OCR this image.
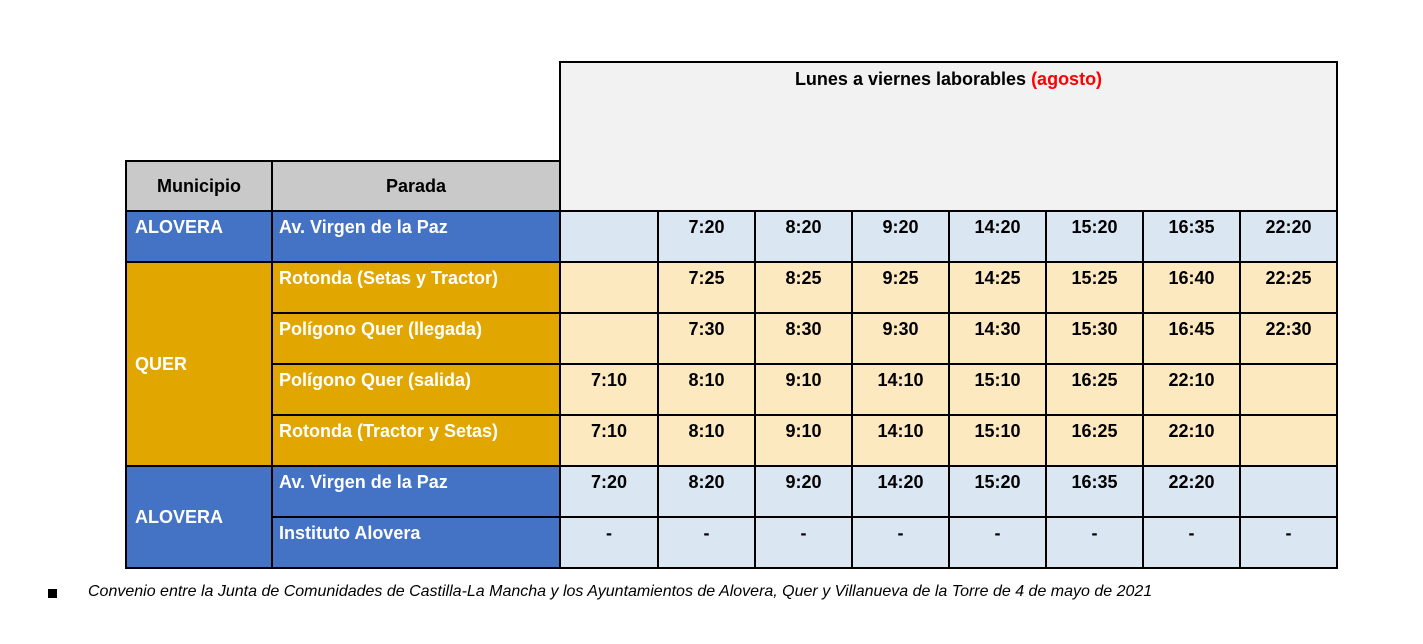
		Lunes a viernes laborables (agosto)							
Municipio	Parada								
ALOVERA	Av. Virgen de la Paz		7:20	8:20	9:20	14:20	15:20	16:35	22:20
QUER	Rotonda (Setas y Tractor)		7:25	8:25	9:25	14:25	15:25	16:40	22:25
	Polígono Quer (llegada)		7:30	8:30	9:30	14:30	15:30	16:45	22:30
	Polígono Quer (salida)	7:10	8:10	9:10	14:10	15:10	16:25	22:10	
	Rotonda (Tractor y Setas)	7:10	8:10	9:10	14:10	15:10	16:25	22:10	
ALOVERA	Av. Virgen de la Paz	7:20	8:20	9:20	14:20	15:20	16:35	22:20	
	Instituto Alovera	-	-	-	-	-	-	-	-
Convenio entre la Junta de Comunidades de Castilla-La Mancha y los Ayuntamientos de Alovera, Quer y Villanueva de la Torre de 4 de mayo de 2021
